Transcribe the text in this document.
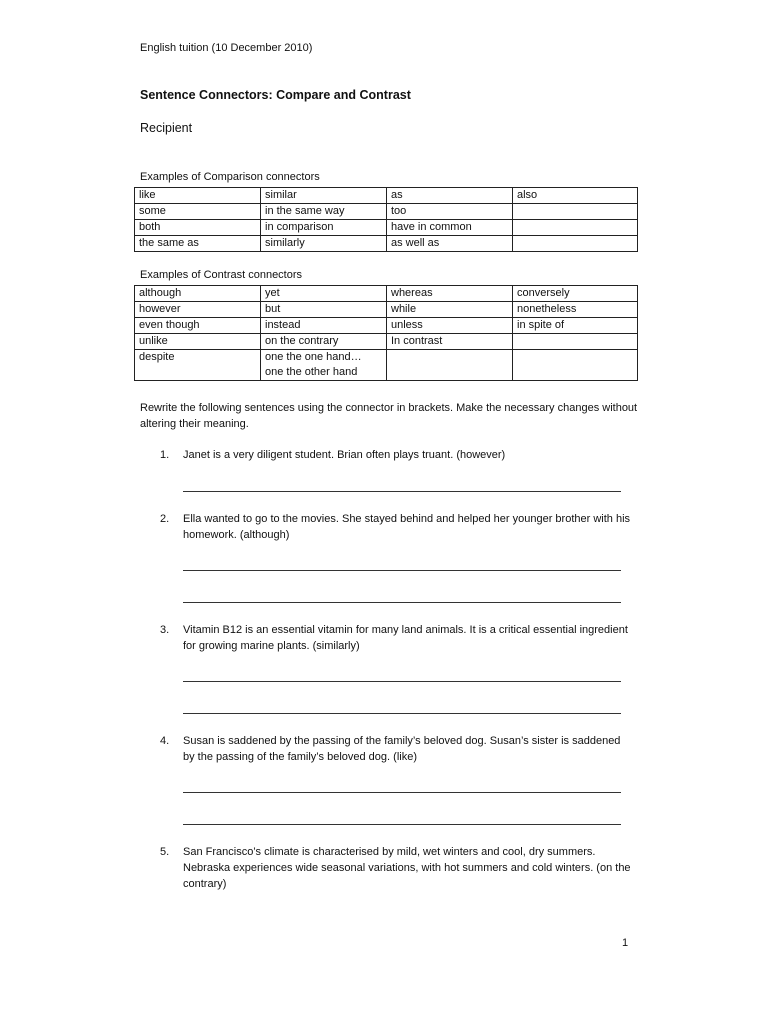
English tuition (10 December 2010)
Sentence Connectors: Compare and Contrast
Recipient
Examples of Comparison connectors
like	similar	as	also
some	in the same way	too	
both	in comparison	have in common	
the same as	similarly	as well as	
Examples of Contrast connectors
although	yet	whereas	conversely
however	but	while	nonetheless
even though	instead	unless	in spite of
unlike	on the contrary	In contrast	
despite	one the one hand…
one the other hand		

Rewrite the following sentences using the connector in brackets. Make the necessary changes without altering their meaning.
1. Janet is a very diligent student. Brian often plays truant. (however)
2. Ella wanted to go to the movies. She stayed behind and helped her younger brother with his homework. (although)
3. Vitamin B12 is an essential vitamin for many land animals. It is a critical essential ingredient for growing marine plants. (similarly)
4. Susan is saddened by the passing of the family’s beloved dog. Susan’s sister is saddened by the passing of the family’s beloved dog. (like)
5. San Francisco’s climate is characterised by mild, wet winters and cool, dry summers. Nebraska experiences wide seasonal variations, with hot summers and cold winters. (on the contrary)
1
